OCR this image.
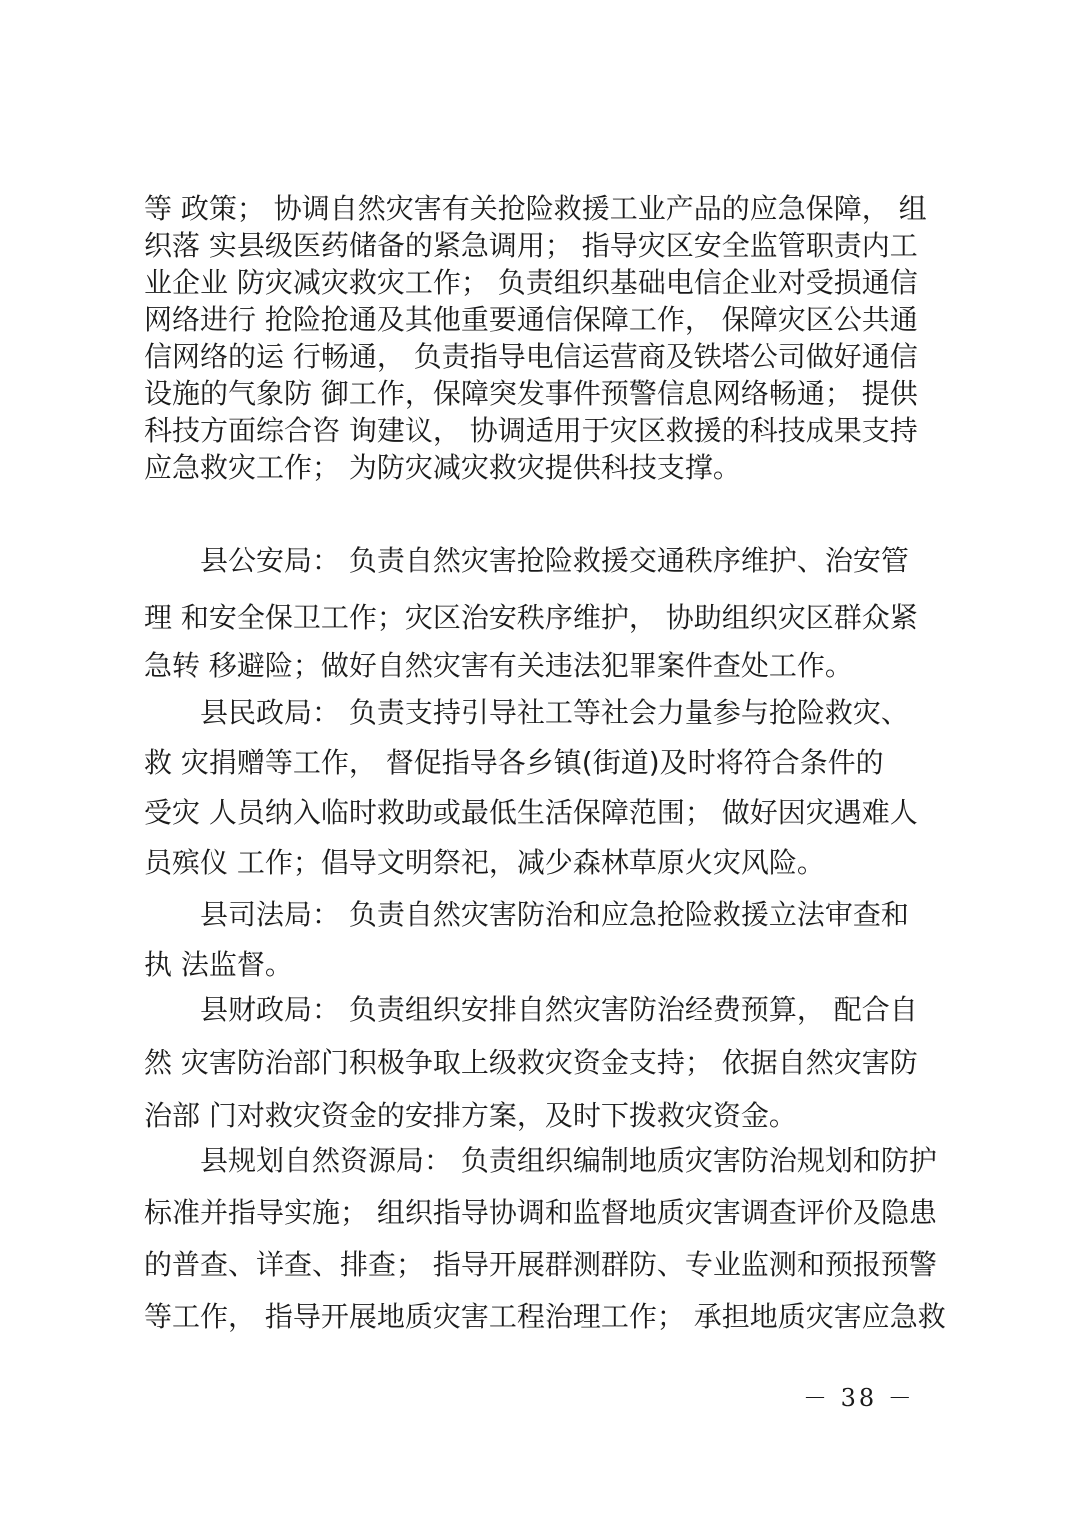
等 政策； 协调自然灾害有关抢险救援工业产品的应急保障， 组
织落 实县级医药储备的紧急调用； 指导灾区安全监管职责内工
业企业 防灾减灾救灾工作； 负责组织基础电信企业对受损通信
网络进行 抢险抢通及其他重要通信保障工作， 保障灾区公共通
信网络的运 行畅通， 负责指导电信运营商及铁塔公司做好通信
设施的气象防 御工作，保障突发事件预警信息网络畅通； 提供
科技方面综合咨 询建议， 协调适用于灾区救援的科技成果支持
应急救灾工作； 为防灾减灾救灾提供科技支撑。
　　县公安局： 负责自然灾害抢险救援交通秩序维护、治安管
理 和安全保卫工作；灾区治安秩序维护， 协助组织灾区群众紧
急转 移避险；做好自然灾害有关违法犯罪案件查处工作。
　　县民政局： 负责支持引导社工等社会力量参与抢险救灾、
救 灾捐赠等工作， 督促指导各乡镇(街道)及时将符合条件的
受灾 人员纳入临时救助或最低生活保障范围； 做好因灾遇难人
员殡仪 工作；倡导文明祭祀，减少森林草原火灾风险。
　　县司法局： 负责自然灾害防治和应急抢险救援立法审查和
执 法监督。
　　县财政局： 负责组织安排自然灾害防治经费预算， 配合自
然 灾害防治部门积极争取上级救灾资金支持； 依据自然灾害防
治部 门对救灾资金的安排方案，及时下拨救灾资金。
　　县规划自然资源局： 负责组织编制地质灾害防治规划和防护
标准并指导实施； 组织指导协调和监督地质灾害调查评价及隐患
的普查、详查、排查； 指导开展群测群防、专业监测和预报预警
等工作， 指导开展地质灾害工程治理工作； 承担地质灾害应急救
－ 38 －
